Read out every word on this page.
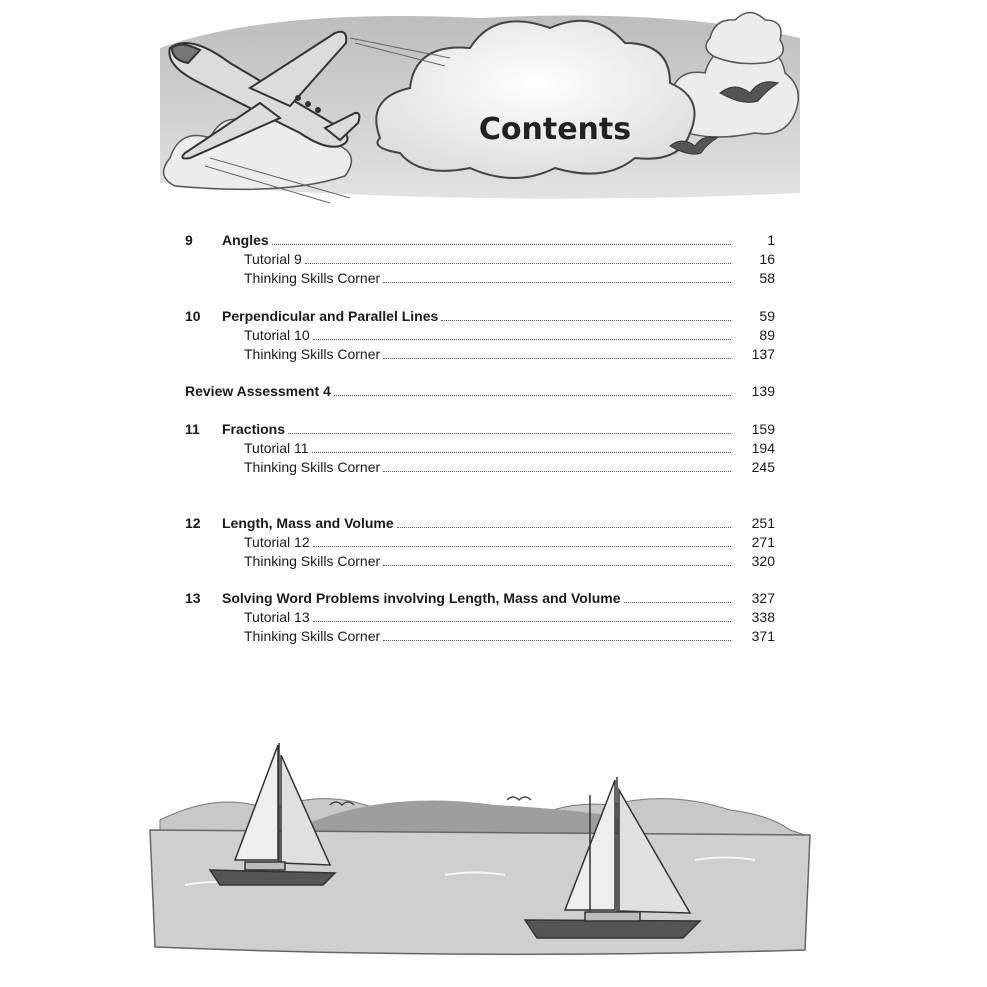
Contents
9	Angles	1
Tutorial 9	16
Thinking Skills Corner	58
10	Perpendicular and Parallel Lines	59
Tutorial 10	89
Thinking Skills Corner	137
Review Assessment 4	139
11	Fractions	159
Tutorial 11	194
Thinking Skills Corner	245
12	Length, Mass and Volume	251
Tutorial 12	271
Thinking Skills Corner	320
13	Solving Word Problems involving Length, Mass and Volume	327
Tutorial 13	338
Thinking Skills Corner	371
